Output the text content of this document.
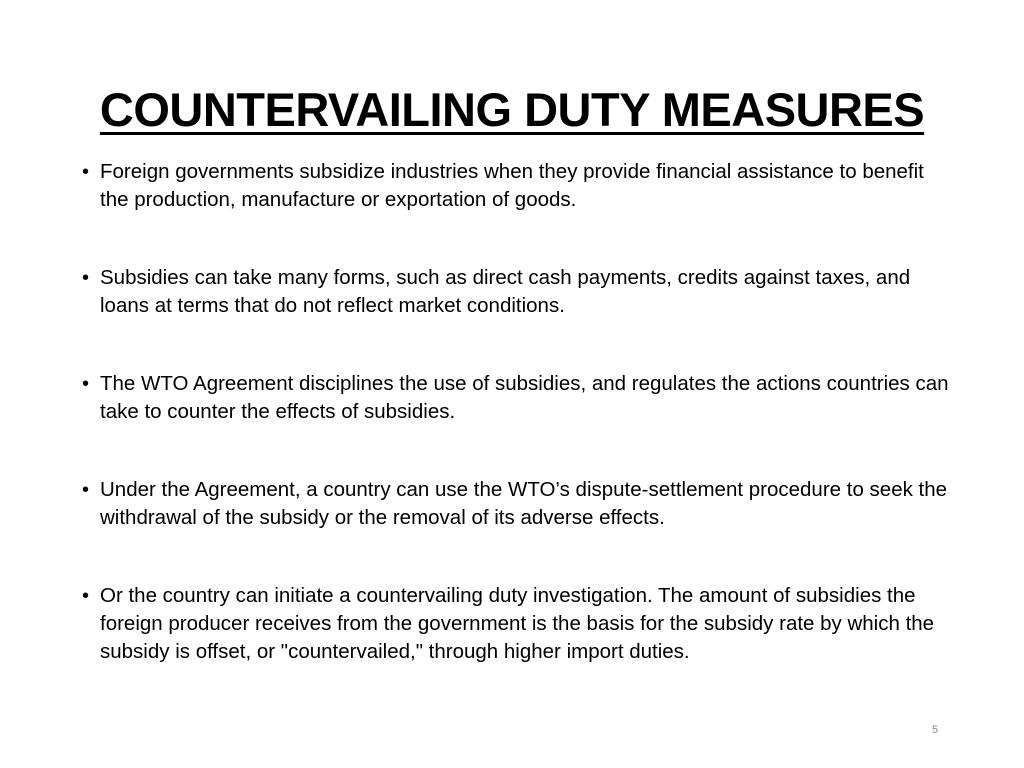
COUNTERVAILING DUTY MEASURES
• Foreign governments subsidize industries when they provide financial assistance to benefit the production, manufacture or exportation of goods.
• Subsidies can take many forms, such as direct cash payments, credits against taxes, and loans at terms that do not reflect market conditions.
• The WTO Agreement disciplines the use of subsidies, and regulates the actions countries can take to counter the effects of subsidies.
• Under the Agreement, a country can use the WTO’s dispute-settlement procedure to seek the withdrawal of the subsidy or the removal of its adverse effects.
• Or the country can initiate a countervailing duty investigation. The amount of subsidies the foreign producer receives from the government is the basis for the subsidy rate by which the subsidy is offset, or "countervailed," through higher import duties.
5
